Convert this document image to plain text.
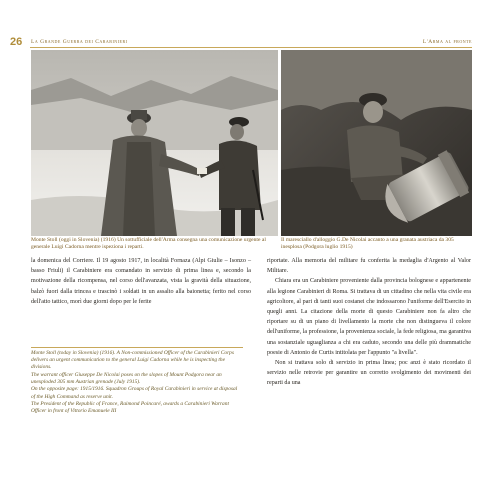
26 La Grande Guerra dei Carabinieri	L'Arma al fronte
Monte Stoll (oggi in Slovenia) (1916) Un sottufficiale dell'Arma consegna una comunicazione urgente al generale Luigi Cadorna mentre ispeziona i reparti.
Il maresciallo d'alloggio G.De Nicolai accanto a una granata austriaca da 305 inesplosa (Podgora luglio 1915)

la domenica del Corriere. Il 19 agosto 1917, in località Fornaza (Alpi Giulie – Isonzo – basso Friuli) il Carabiniere era comandato in servizio di prima linea e, secondo la motivazione della ricompensa, nel corso dell'avanzata, vista la gravità della situazione, balzò fuori dalla trincea e trascinò i soldati in un assalto alla baionetta; ferito nel corso dell'atto tattico, morì due giorni dopo per le ferite

Monte Stoll (today in Slovenia) (1916). A Non-commissioned Officer of the Carabinieri Corps delivers an urgent communication to the general Luigi Cadorna while he is inspecting the divisions.

The warrant officer Giuseppe De Nicolai poses on the slopes of Mount Podgora near an unexploded 305 mm Austrian grenade (July 1915).

On the opposite page: 1915/1916. Squadron Groups of Royal Carabinieri in service at disposal of the High Command as reserve unit.

The President of the Republic of France, Raimond Poincaré, awards a Carabinieri Warrant Officer in front of Vittorio Emanuele III

riportate. Alla memoria del militare fu conferita la medaglia d'Argento al Valor Militare.

Chiara era un Carabiniere proveniente dalla provincia bolognese e appartenente alla legione Carabinieri di Roma. Si trattava di un cittadino che nella vita civile era agricoltore, al pari di tanti suoi costanei che indossarono l'uniforme dell'Esercito in quegli anni. La citazione della morte di questo Carabiniere non fa altro che riportare su di un piano di livellamento la morte che non distingueva il colore dell'uniforme, la professione, la provenienza sociale, la fede religiosa, ma garantiva una sostanziale uguaglianza a chi era caduto, secondo una delle più drammatiche poesie di Antonio de Curtis intitolata per l'appunto "a livella".

Non si trattava solo di servizio in prima linea; poc anzi è stato ricordato il servizio nelle retrovie per garantire un corretto svolgimento dei movimenti dei reparti da una
